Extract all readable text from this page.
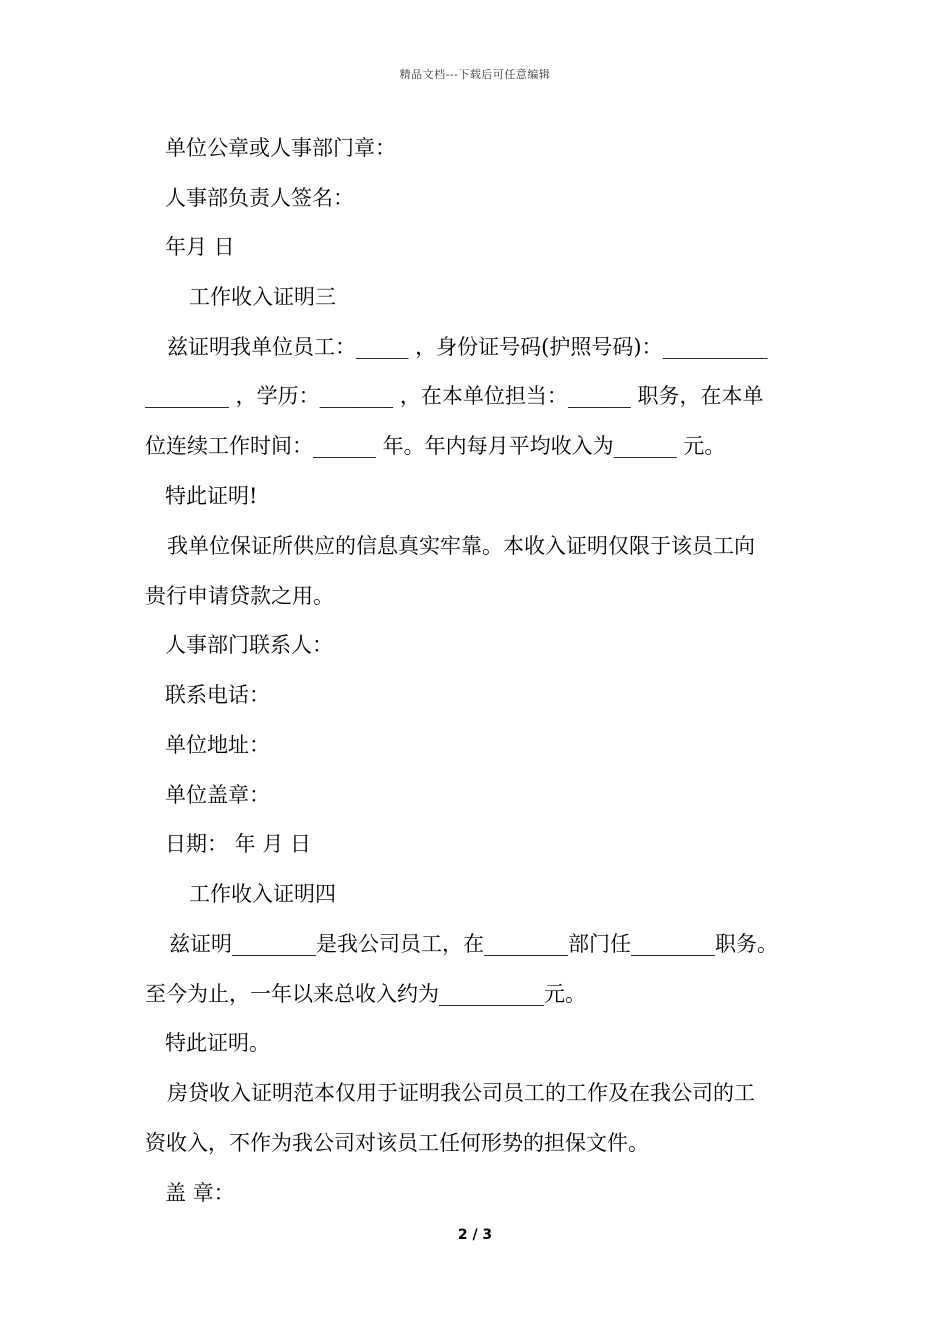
精品文档---下载后可任意编辑
单位公章或人事部门章：
人事部负责人签名：
年月 日
工作收入证明三
兹证明我单位员工：_____ ，身份证号码(护照号码)：__________
________ ，学历：_______ ，在本单位担当：______ 职务，在本单
位连续工作时间：______ 年。年内每月平均收入为______ 元。
特此证明!
我单位保证所供应的信息真实牢靠。本收入证明仅限于该员工向
贵行申请贷款之用。
人事部门联系人：
联系电话：
单位地址：
单位盖章：
日期： 年 月 日
工作收入证明四
兹证明________是我公司员工，在________部门任________职务。
至今为止，一年以来总收入约为__________元。
特此证明。
房贷收入证明范本仅用于证明我公司员工的工作及在我公司的工
资收入，不作为我公司对该员工任何形势的担保文件。
盖 章：
2 / 3
